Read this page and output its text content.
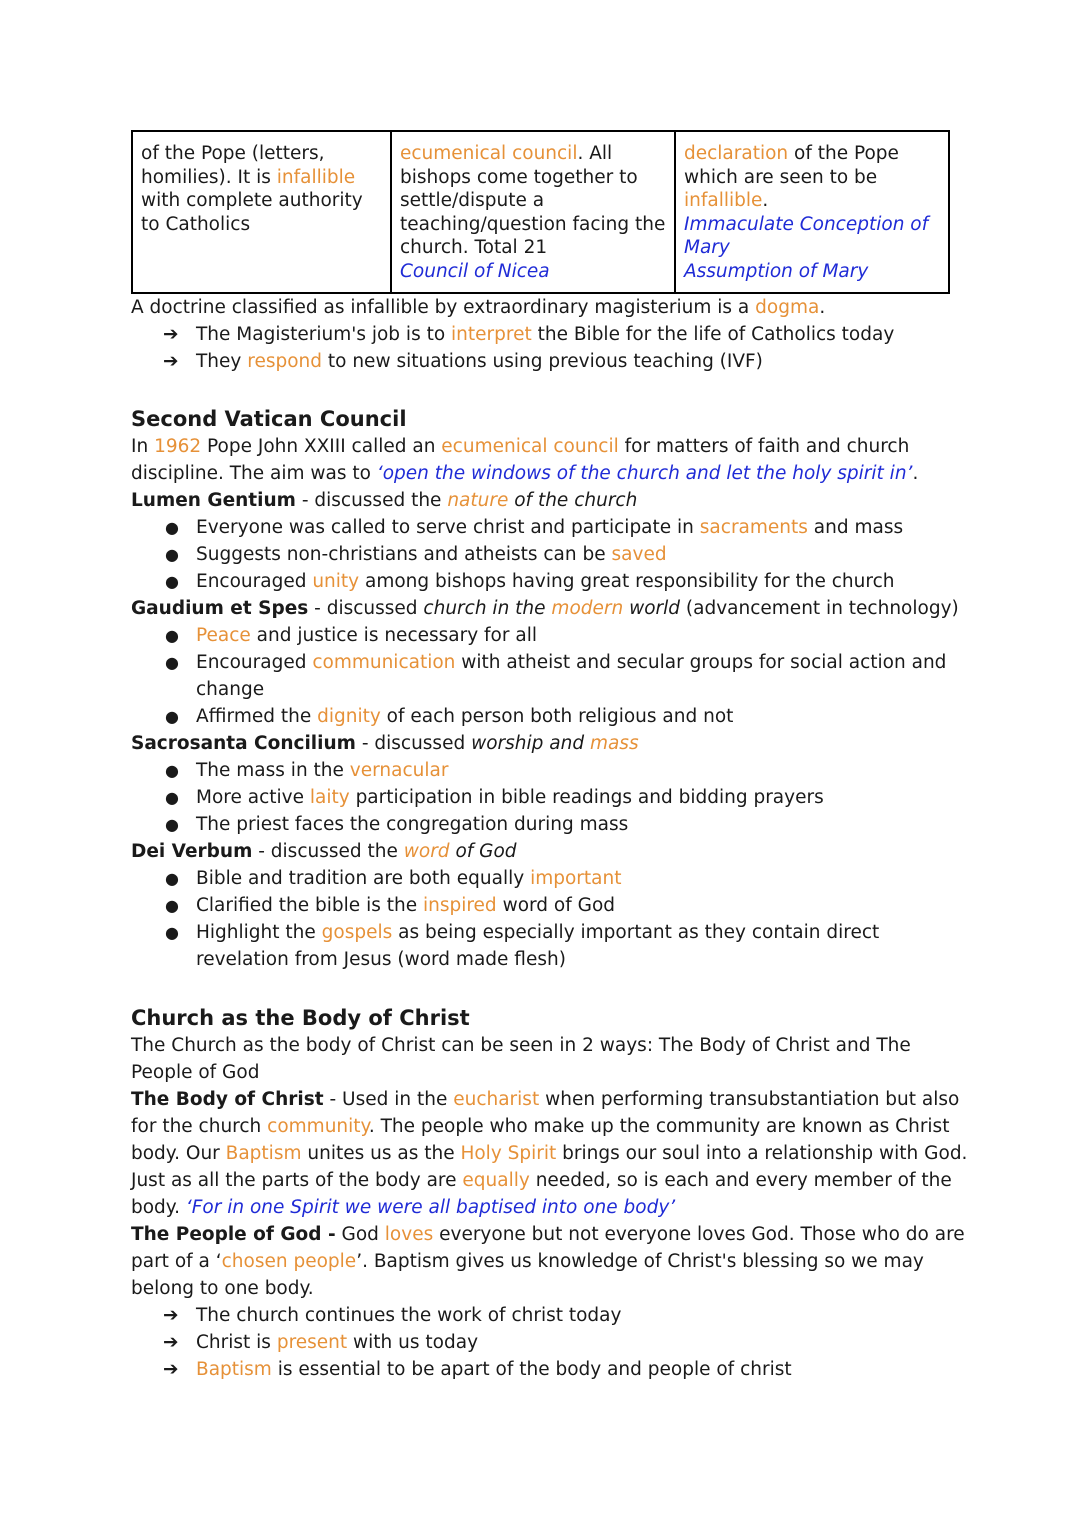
of the Pope (letters,
homilies). It is infallible
with complete authority
to Catholics

ecumenical council. All
bishops come together to
settle/dispute a
teaching/question facing the
church. Total 21
Council of Nicea

declaration of the Pope
which are seen to be
infallible.
Immaculate Conception of
Mary
Assumption of Mary
A doctrine classified as infallible by extraordinary magisterium is a dogma.
➔ The Magisterium's job is to interpret the Bible for the life of Catholics today
➔ They respond to new situations using previous teaching (IVF)
Second Vatican Council
In 1962 Pope John XXIII called an ecumenical council for matters of faith and church
discipline. The aim was to ‘open the windows of the church and let the holy spirit in’.
Lumen Gentium - discussed the nature of the church
● Everyone was called to serve christ and participate in sacraments and mass
● Suggests non-christians and atheists can be saved
● Encouraged unity among bishops having great responsibility for the church
Gaudium et Spes - discussed church in the modern world (advancement in technology)
● Peace and justice is necessary for all
● Encouraged communication with atheist and secular groups for social action and
change
● Affirmed the dignity of each person both religious and not
Sacrosanta Concilium - discussed worship and mass
● The mass in the vernacular
● More active laity participation in bible readings and bidding prayers
● The priest faces the congregation during mass
Dei Verbum - discussed the word of God
● Bible and tradition are both equally important
● Clarified the bible is the inspired word of God
● Highlight the gospels as being especially important as they contain direct
revelation from Jesus (word made flesh)
Church as the Body of Christ
The Church as the body of Christ can be seen in 2 ways: The Body of Christ and The
People of God
The Body of Christ - Used in the eucharist when performing transubstantiation but also
for the church community. The people who make up the community are known as Christ
body. Our Baptism unites us as the Holy Spirit brings our soul into a relationship with God.
Just as all the parts of the body are equally needed, so is each and every member of the
body. ‘For in one Spirit we were all baptised into one body’
The People of God - God loves everyone but not everyone loves God. Those who do are
part of a ‘chosen people’. Baptism gives us knowledge of Christ's blessing so we may
belong to one body.
➔ The church continues the work of christ today
➔ Christ is present with us today
➔ Baptism is essential to be apart of the body and people of christ
